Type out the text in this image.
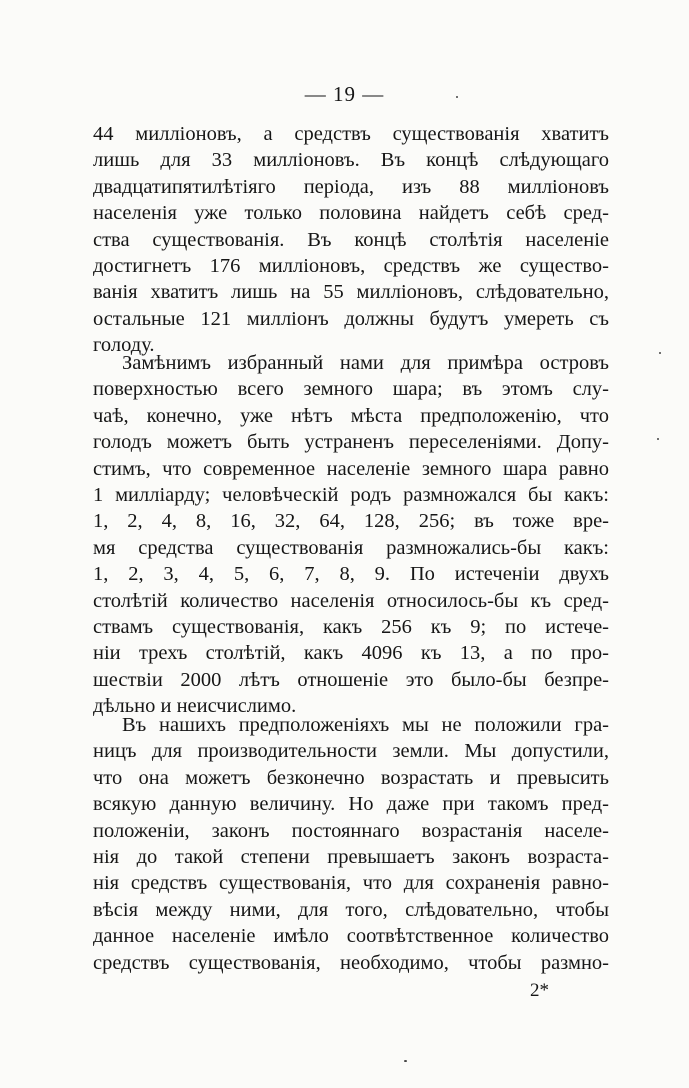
— 19 —
44 милліоновъ, а средствъ существованія хватитъ
лишь для 33 милліоновъ. Въ концѣ слѣдующаго
двадцатипятилѣтіяго періода, изъ 88 милліоновъ
населенія уже только половина найдетъ себѣ сред-
ства существованія. Въ концѣ столѣтія населеніе
достигнетъ 176 милліоновъ, средствъ же существо-
ванія хватитъ лишь на 55 милліоновъ, слѣдовательно,
остальные 121 милліонъ должны будутъ умереть съ
голоду.
Замѣнимъ избранный нами для примѣра островъ
поверхностью всего земного шара; въ этомъ слу-
чаѣ, конечно, уже нѣтъ мѣста предположенію, что
голодъ можетъ быть устраненъ переселеніями. Допу-
стимъ, что современное населеніе земного шара равно
1 милліарду; человѣческій родъ размножался бы какъ:
1, 2, 4, 8, 16, 32, 64, 128, 256; въ тоже вре-
мя средства существованія размножались-бы какъ:
1, 2, 3, 4, 5, 6, 7, 8, 9. По истеченіи двухъ
столѣтій количество населенія относилось-бы къ сред-
ствамъ существованія, какъ 256 къ 9; по истече-
ніи трехъ столѣтій, какъ 4096 къ 13, а по про-
шествіи 2000 лѣтъ отношеніе это было-бы безпре-
дѣльно и неисчислимо.
Въ нашихъ предположеніяхъ мы не положили гра-
ницъ для производительности земли. Мы допустили,
что она можетъ безконечно возрастать и превысить
всякую данную величину. Но даже при такомъ пред-
положеніи, законъ постояннаго возрастанія населе-
нія до такой степени превышаетъ законъ возраста-
нія средствъ существованія, что для сохраненія равно-
вѣсія между ними, для того, слѣдовательно, чтобы
данное населеніе имѣло соотвѣтственное количество
средствъ существованія, необходимо, чтобы размно-
2*
